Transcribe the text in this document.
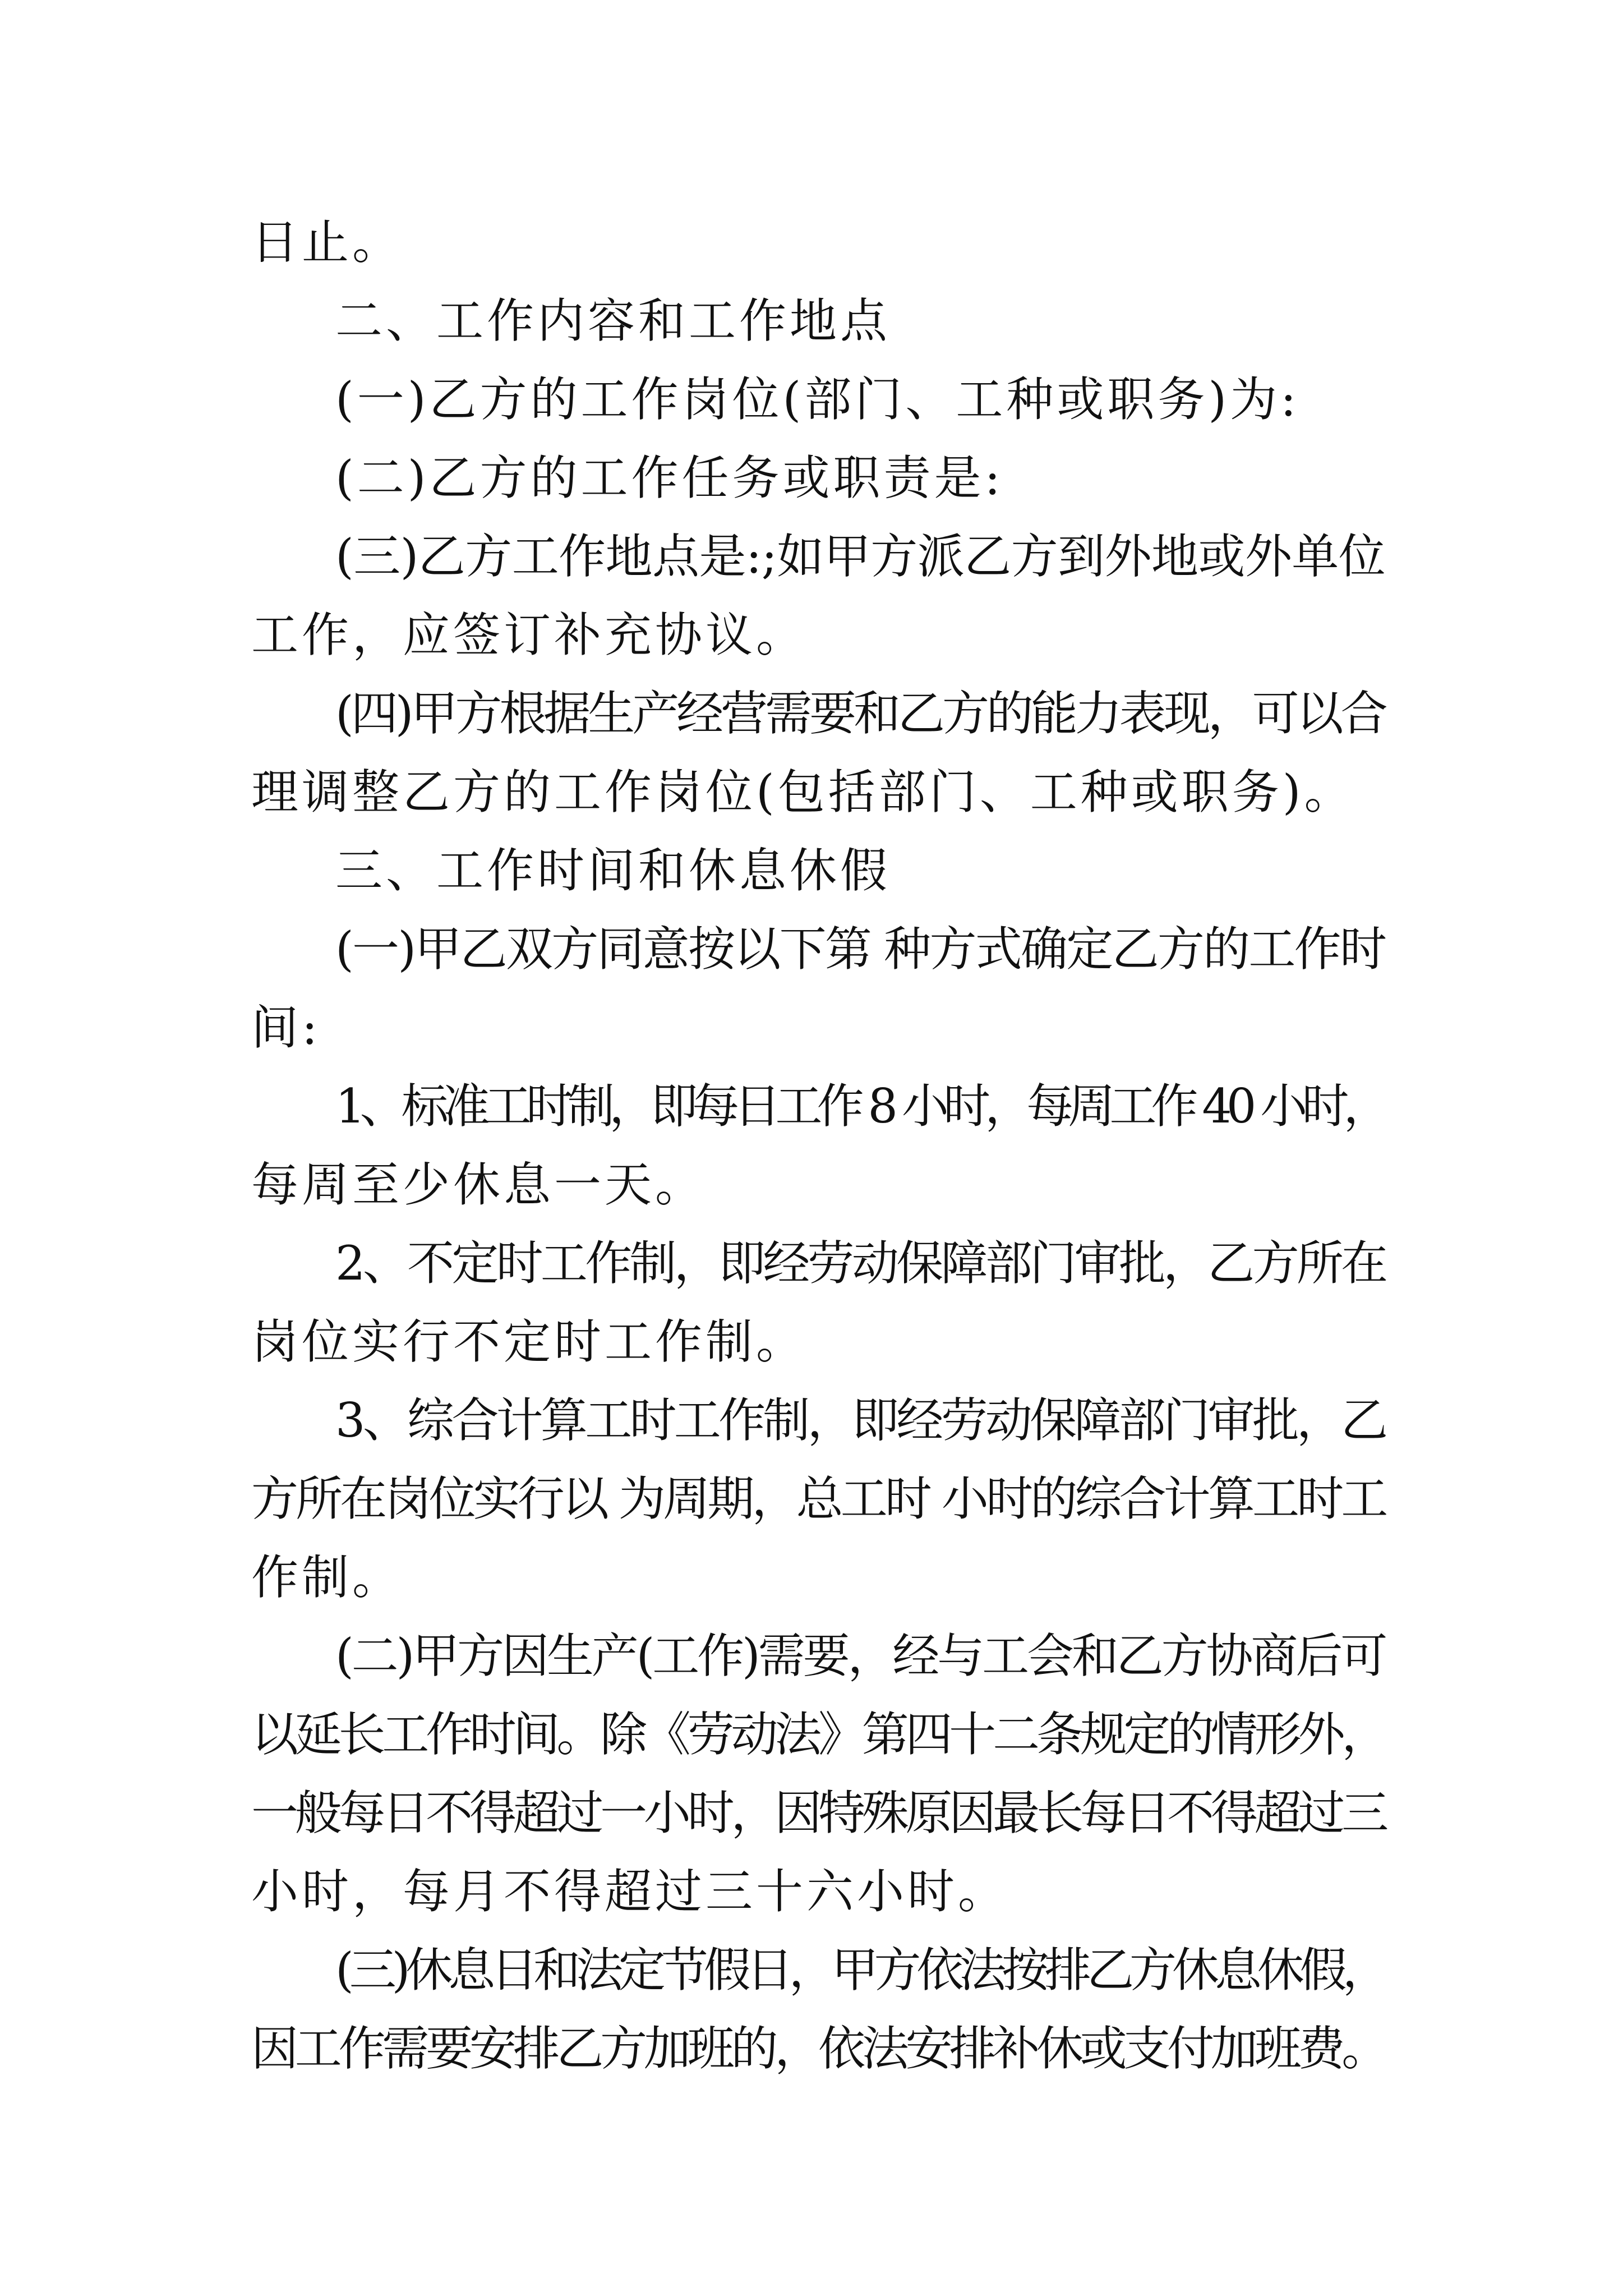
日止。
二、工作内容和工作地点
(一)乙方的工作岗位(部门、工种或职务)为:
(二)乙方的工作任务或职责是:
(三)乙方工作地点是:;如甲方派乙方到外地或外单位
工作，应签订补充协议。
(四)甲方根据生产经营需要和乙方的能力表现，可以合
理调整乙方的工作岗位(包括部门、工种或职务)。
三、工作时间和休息休假
(一)甲乙双方同意按以下第 种方式确定乙方的工作时
间:
1、标准工时制，即每日工作 8 小时，每周工作 40 小时，
每周至少休息一天。
2、不定时工作制，即经劳动保障部门审批，乙方所在
岗位实行不定时工作制。
3、综合计算工时工作制，即经劳动保障部门审批，乙
方所在岗位实行以 为周期，总工时 小时的综合计算工时工
作制。
(二)甲方因生产(工作)需要，经与工会和乙方协商后可
以延长工作时间。除《劳动法》第四十二条规定的情形外，
一般每日不得超过一小时，因特殊原因最长每日不得超过三
小时，每月不得超过三十六小时。
(三)休息日和法定节假日，甲方依法按排乙方休息休假，
因工作需要安排乙方加班的，依法安排补休或支付加班费。
